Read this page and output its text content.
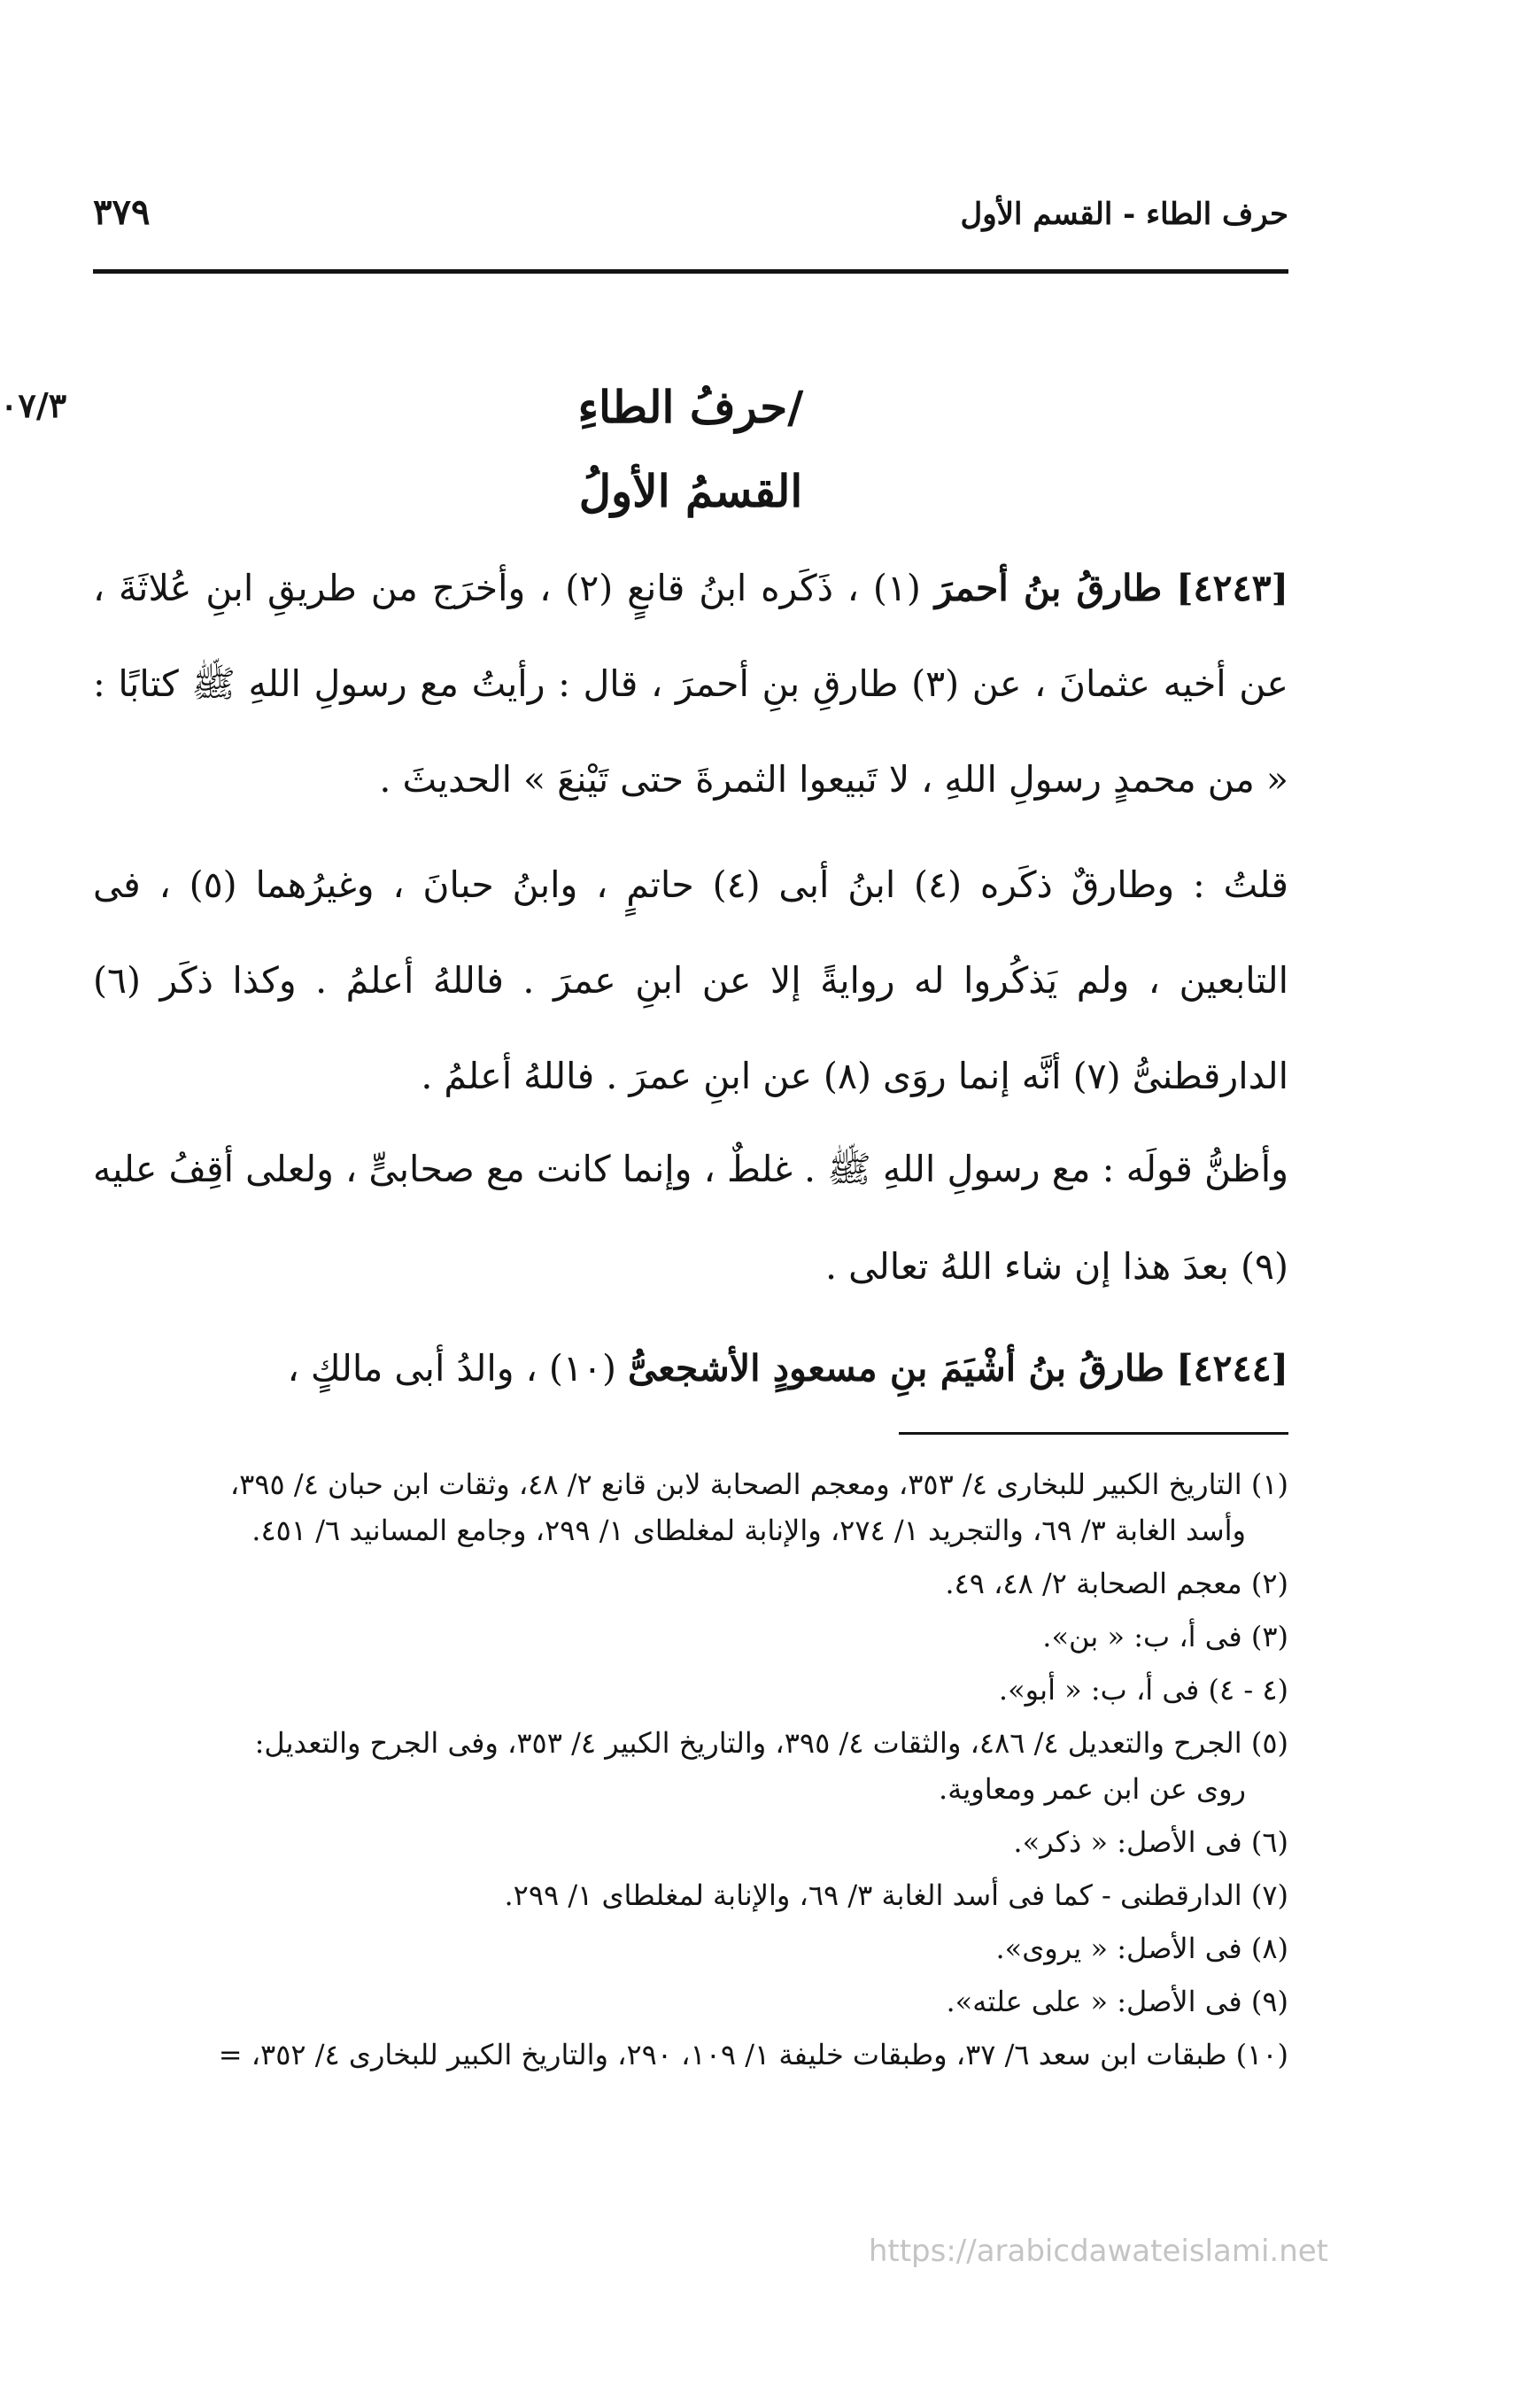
٣٧٩	حرف الطاء - القسم الأول
٠٧/٣	/حرفُ الطاءِ
القسمُ الأولُ

[٤٢٤٣] طارقُ بنُ أحمرَ (١) ، ذَكَره ابنُ قانعٍ (٢) ، وأخرَج من طريقِ ابنِ عُلاثَةَ ، عن أخيه عثمانَ ، عن (٣) طارقِ بنِ أحمرَ ، قال : رأيتُ مع رسولِ اللهِ ﷺ كتابًا : « من محمدٍ رسولِ اللهِ ، لا تَبيعوا الثمرةَ حتى تَيْنعَ » الحديثَ .

قلتُ : وطارقٌ ذكَره (٤) ابنُ أبى (٤) حاتمٍ ، وابنُ حبانَ ، وغيرُهما (٥) ، فى التابعين ، ولم يَذكُروا له روايةً إلا عن ابنِ عمرَ . فاللهُ أعلمُ . وكذا ذكَر (٦) الدارقطنىُّ (٧) أنَّه إنما روَى (٨) عن ابنِ عمرَ . فاللهُ أعلمُ .

وأظنُّ قولَه : مع رسولِ اللهِ ﷺ . غلطٌ ، وإنما كانت مع صحابىٍّ ، ولعلى أقِفُ عليه (٩) بعدَ هذا إن شاء اللهُ تعالى .

[٤٢٤٤] طارقُ بنُ أشْيَمَ بنِ مسعودٍ الأشجعىُّ (١٠) ، والدُ أبى مالكٍ ،

(١) التاريخ الكبير للبخارى ٤/ ٣٥٣، ومعجم الصحابة لابن قانع ٢/ ٤٨، وثقات ابن حبان ٤/ ٣٩٥،
وأسد الغابة ٣/ ٦٩، والتجريد ١/ ٢٧٤، والإنابة لمغلطاى ١/ ٢٩٩، وجامع المسانيد ٦/ ٤٥١.
(٢) معجم الصحابة ٢/ ٤٨، ٤٩.
(٣) فى أ، ب: « بن».
(٤ - ٤) فى أ، ب: « أبو».
(٥) الجرح والتعديل ٤/ ٤٨٦، والثقات ٤/ ٣٩٥، والتاريخ الكبير ٤/ ٣٥٣، وفى الجرح والتعديل:
روى عن ابن عمر ومعاوية.
(٦) فى الأصل: « ذكر».
(٧) الدارقطنى - كما فى أسد الغابة ٣/ ٦٩، والإنابة لمغلطاى ١/ ٢٩٩.
(٨) فى الأصل: « يروى».
(٩) فى الأصل: « على علته».
(١٠) طبقات ابن سعد ٦/ ٣٧، وطبقات خليفة ١/ ١٠٩، ٢٩٠، والتاريخ الكبير للبخارى ٤/ ٣٥٢، =
https://arabicdawateislami.net
